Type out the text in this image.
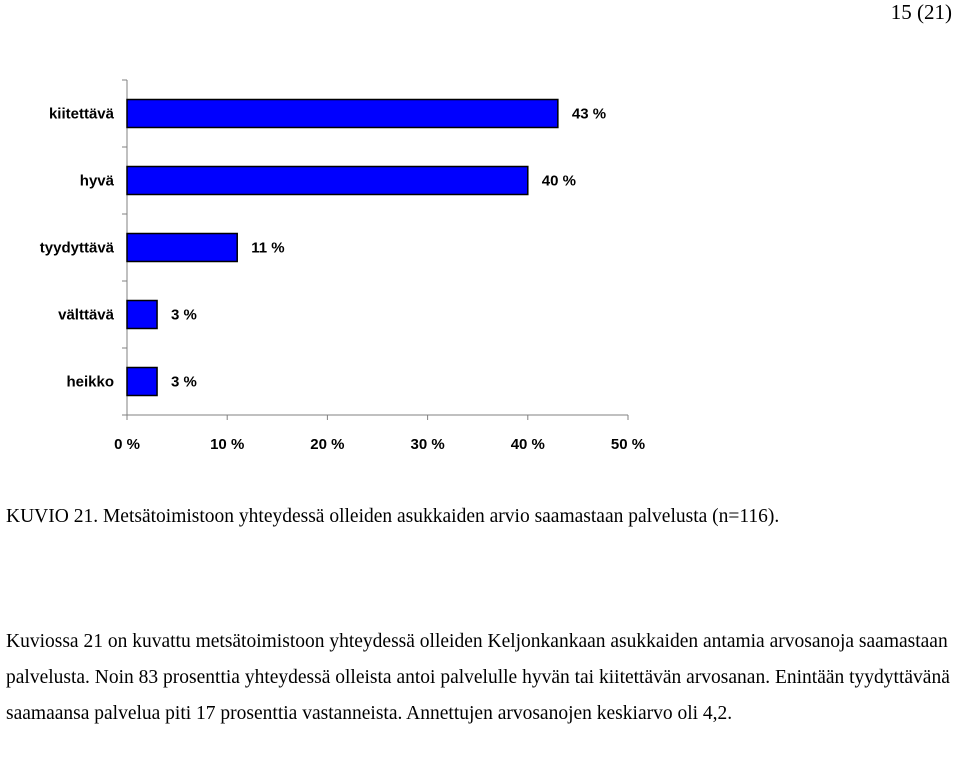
15 (21)
0 %	10 %	20 %	30 %	40 %	50 %
kiitettävä	43 %
hyvä	40 %
tyydyttävä	11 %
välttävä	3 %
heikko	3 %
KUVIO 21. Metsätoimistoon yhteydessä olleiden asukkaiden arvio saamastaan palvelusta (n=116).
Kuviossa 21 on kuvattu metsätoimistoon yhteydessä olleiden Keljonkankaan asukkaiden antamia arvosanoja saamastaan palvelusta. Noin 83 prosenttia yhteydessä olleista antoi palvelulle hyvän tai kiitettävän arvosanan. Enintään tyydyttävänä saamaansa palvelua piti 17 prosenttia vastanneista. Annettujen arvosanojen keskiarvo oli 4,2.
